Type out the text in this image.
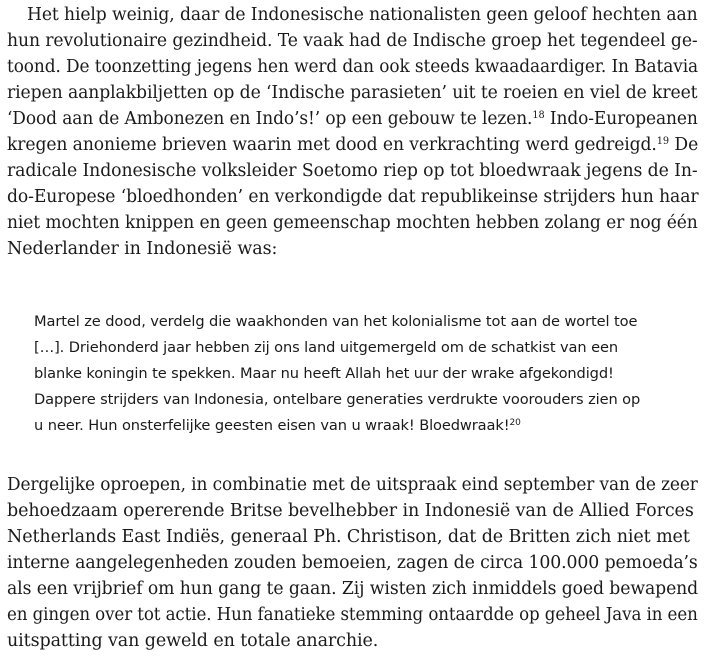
Het hielp weinig, daar de Indonesische nationalisten geen geloof hechten aan
hun revolutionaire gezindheid. Te vaak had de Indische groep het tegendeel ge-
toond. De toonzetting jegens hen werd dan ook steeds kwaadaardiger. In Batavia
riepen aanplakbiljetten op de ‘Indische parasieten’ uit te roeien en viel de kreet
‘Dood aan de Ambonezen en Indo’s!’ op een gebouw te lezen.$^{18}$ Indo-Europeanen
kregen anonieme brieven waarin met dood en verkrachting werd gedreigd.$^{19}$ De
radicale Indonesische volksleider Soetomo riep op tot bloedwraak jegens de In-
do-Europese ‘bloedhonden’ en verkondigde dat republikeinse strijders hun haar
niet mochten knippen en geen gemeenschap mochten hebben zolang er nog één
Nederlander in Indonesië was:
Martel ze dood, verdelg die waakhonden van het kolonialisme tot aan de wortel toe
[…]. Driehonderd jaar hebben zij ons land uitgemergeld om de schatkist van een
blanke koningin te spekken. Maar nu heeft Allah het uur der wrake afgekondigd!
Dappere strijders van Indonesia, ontelbare generaties verdrukte voorouders zien op
u neer. Hun onsterfelijke geesten eisen van u wraak! Bloedwraak!$^{20}$
Dergelijke oproepen, in combinatie met de uitspraak eind september van de zeer
behoedzaam opererende Britse bevelhebber in Indonesië van de Allied Forces
Netherlands East Indiës, generaal Ph. Christison, dat de Britten zich niet met
interne aangelegenheden zouden bemoeien, zagen de circa 100.000 pemoeda’s
als een vrijbrief om hun gang te gaan. Zij wisten zich inmiddels goed bewapend
en gingen over tot actie. Hun fanatieke stemming ontaardde op geheel Java in een
uitspatting van geweld en totale anarchie.
